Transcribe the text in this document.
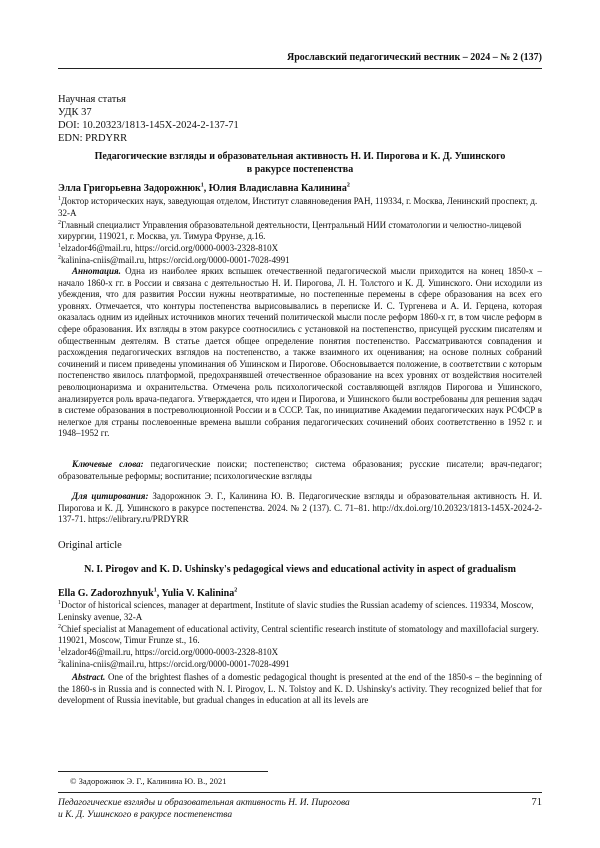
Ярославский педагогический вестник – 2024 – № 2 (137)
Научная статья
УДК 37
DOI: 10.20323/1813-145X-2024-2-137-71
EDN: PRDYRR
Педагогические взгляды и образовательная активность Н. И. Пирогова и К. Д. Ушинского
в ракурсе постепенства
Элла Григорьевна Задорожнюк$^1$, Юлия Владиславна Калинина$^2$
$^1$Доктор исторических наук, заведующая отделом, Институт славяноведения РАН, 119334, г. Москва, Ленинский проспект, д. 32-А
$^2$Главный специалист Управления образовательной деятельности, Центральный НИИ стоматологии и челюстно-лицевой хирургии, 119021, г. Москва, ул. Тимура Фрунзе, д.16.
$^1$elzador46@mail.ru, https://orcid.org/0000-0003-2328-810X
$^2$kalinina-cniis@mail.ru, https://orcid.org/0000-0001-7028-4991
Аннотация. Одна из наиболее ярких вспышек отечественной педагогической мысли приходится на конец 1850-х – начало 1860-х гг. в России и связана с деятельностью Н. И. Пирогова, Л. Н. Толстого и К. Д. Ушинского. Они исходили из убеждения, что для развития России нужны неотвратимые, но постепенные перемены в сфере образования на всех его уровнях. Отмечается, что контуры постепенства вырисовывались в переписке И. С. Тургенева и А. И. Герцена, которая оказалась одним из идейных источников многих течений политической мысли после реформ 1860-х гг, в том числе реформ в сфере образования. Их взгляды в этом ракурсе соотносились с установкой на постепенство, присущей русским писателям и общественным деятелям. В статье дается общее определение понятия постепенство. Рассматриваются совпадения и расхождения педагогических взглядов на постепенство, а также взаимного их оценивания; на основе полных собраний сочинений и писем приведены упоминания об Ушинском и Пирогове. Обосновывается положение, в соответствии с которым постепенство явилось платформой, предохранявшей отечественное образование на всех уровнях от воздействия носителей революционаризма и охранительства. Отмечена роль психологической составляющей взглядов Пирогова и Ушинского, анализируется роль врача-педагога. Утверждается, что идеи и Пирогова, и Ушинского были востребованы для решения задач в системе образования в постреволюционной России и в СССР. Так, по инициативе Академии педагогических наук РСФСР в нелегкое для страны послевоенные времена вышли собрания педагогических сочинений обоих соответственно в 1952 г. и 1948–1952 гг.
Ключевые слова: педагогические поиски; постепенство; система образования; русские писатели; врач-педагог; образовательные реформы; воспитание; психологические взгляды
Для цитирования: Задорожнюк Э. Г., Калинина Ю. В. Педагогические взгляды и образовательная активность Н. И. Пирогова и К. Д. Ушинского в ракурсе постепенства. 2024. № 2 (137). С. 71–81. http://dx.doi.org/10.20323/1813-145X-2024-2-137-71. https://elibrary.ru/PRDYRR
Original article
N. I. Pirogov and K. D. Ushinsky's pedagogical views and educational activity in aspect of gradualism
Ella G. Zadorozhnyuk$^1$, Yulia V. Kalinina$^2$
$^1$Doctor of historical sciences, manager at department, Institute of slavic studies the Russian academy of sciences. 119334, Moscow, Leninsky avenue, 32-A
$^2$Chief specialist at Management of educational activity, Central scientific research institute of stomatology and maxillofacial surgery. 119021, Moscow, Timur Frunze st., 16.
$^1$elzador46@mail.ru, https://orcid.org/0000-0003-2328-810X
$^2$kalinina-cniis@mail.ru, https://orcid.org/0000-0001-7028-4991
Abstract. One of the brightest flashes of a domestic pedagogical thought is presented at the end of the 1850-s – the beginning of the 1860-s in Russia and is connected with N. I. Pirogov, L. N. Tolstoy and K. D. Ushinsky's activity. They recognized belief that for development of Russia inevitable, but gradual changes in education at all its levels are
© Задорожнюк Э. Г., Калинина Ю. В., 2021
Педагогические взгляды и образовательная активность Н. И. Пирогова
и К. Д. Ушинского в ракурсе постепенства
71
